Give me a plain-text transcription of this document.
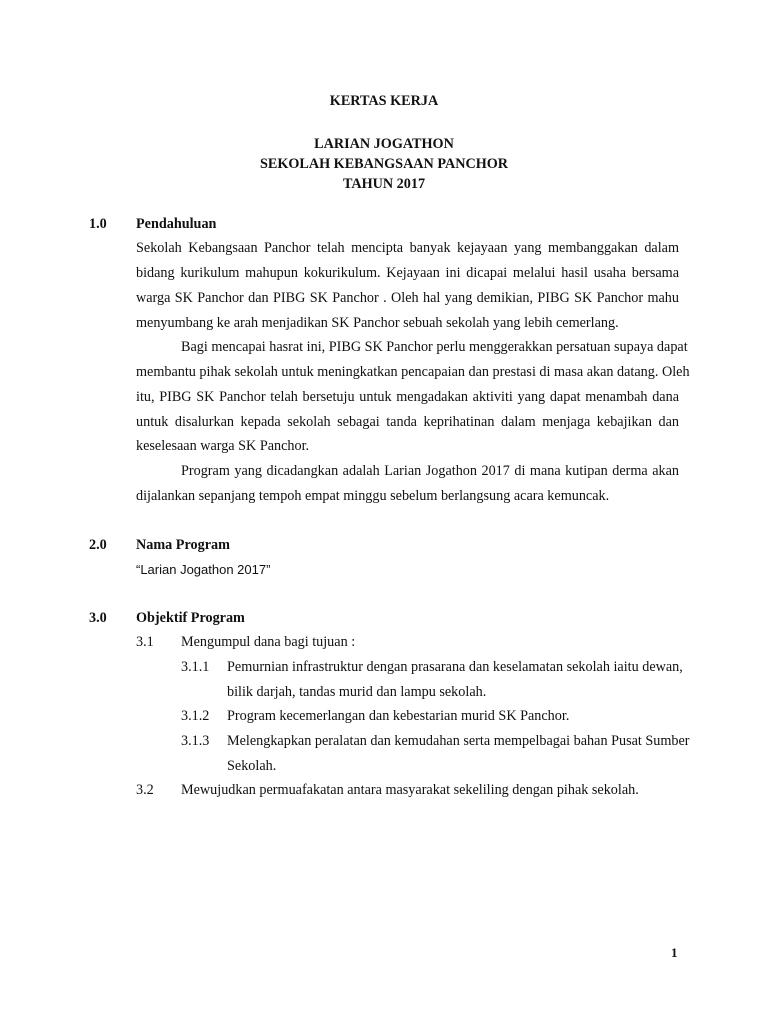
KERTAS KERJA
LARIAN JOGATHON
SEKOLAH KEBANGSAAN PANCHOR
TAHUN 2017
1.0 Pendahuluan
Sekolah Kebangsaan Panchor telah mencipta banyak kejayaan yang membanggakan dalam
bidang kurikulum mahupun kokurikulum. Kejayaan ini dicapai melalui hasil usaha bersama
warga SK Panchor dan PIBG SK Panchor . Oleh hal yang demikian, PIBG SK Panchor mahu
menyumbang ke arah menjadikan SK Panchor sebuah sekolah yang lebih cemerlang.
Bagi mencapai hasrat ini, PIBG SK Panchor perlu menggerakkan persatuan supaya dapat
membantu pihak sekolah untuk meningkatkan pencapaian dan prestasi di masa akan datang. Oleh
itu, PIBG SK Panchor telah bersetuju untuk mengadakan aktiviti yang dapat menambah dana
untuk disalurkan kepada sekolah sebagai tanda keprihatinan dalam menjaga kebajikan dan
keselesaan warga SK Panchor.
Program yang dicadangkan adalah Larian Jogathon 2017 di mana kutipan derma akan
dijalankan sepanjang tempoh empat minggu sebelum berlangsung acara kemuncak.
2.0 Nama Program
“Larian Jogathon 2017”
3.0 Objektif Program
3.1 Mengumpul dana bagi tujuan :
3.1.1 Pemurnian infrastruktur dengan prasarana dan keselamatan sekolah iaitu dewan,
bilik darjah, tandas murid dan lampu sekolah.
3.1.2 Program kecemerlangan dan kebestarian murid SK Panchor.
3.1.3 Melengkapkan peralatan dan kemudahan serta mempelbagai bahan Pusat Sumber
Sekolah.
3.2 Mewujudkan permuafakatan antara masyarakat sekeliling dengan pihak sekolah.
1
